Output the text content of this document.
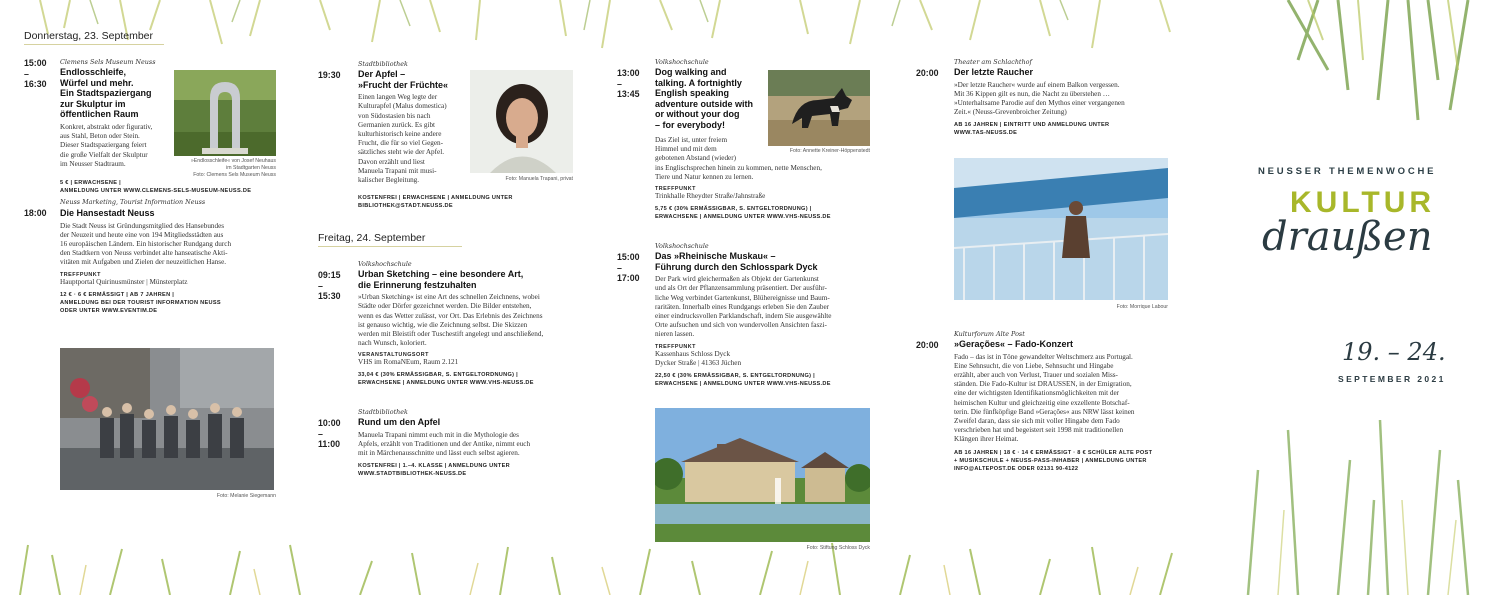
Donnerstag, 23. September
15:00
–
16:30
Clemens Sels Museum Neuss
Endlosschleife,
Würfel und mehr.
Ein Stadtspaziergang
zur Skulptur im
öffentlichen Raum
Konkret, abstrakt oder figurativ,
aus Stahl, Beton oder Stein.
Dieser Stadtspaziergang feiert
die große Vielfalt der Skulptur
im Neusser Stadtraum.
5 € | ERWACHSENE |
ANMELDUNG UNTER WWW.CLEMENS-SELS-MUSEUM-NEUSS.DE
»Endlosschleife« von Josef Neuhaus
im Stadtgarten Neuss
Foto: Clemens Sels Museum Neuss
Neuss Marketing, Tourist Information Neuss
18:00	Die Hansestadt Neuss
Die Stadt Neuss ist Gründungsmitglied des Hansebundes
der Neuzeit und heute eine von 194 Mitgliedsstädten aus
16 europäischen Ländern. Ein historischer Rundgang durch
den Stadtkern von Neuss verbindet alte hanseatische Akti-
vitäten mit Aufgaben und Zielen der neuzeitlichen Hanse.
TREFFPUNKT
Hauptportal Quirinusmünster | Münsterplatz
12 € · 6 € ERMÄSSIGT | AB 7 JAHREN |
ANMELDUNG BEI DER TOURIST INFORMATION NEUSS
ODER UNTER WWW.EVENTIM.DE
Foto: Melanie Siegemann
19:30
Stadtbibliothek
Der Apfel –
»Frucht der Früchte«
Einen langen Weg legte der
Kulturapfel (Malus domestica)
von Südostasien bis nach
Germanien zurück. Es gibt
kulturhistorisch keine andere
Frucht, die für so viel Gegen-
sätzliches steht wie der Apfel.
Davon erzählt und liest
Manuela Trapani mit musi-
kalischer Begleitung.
KOSTENFREI | ERWACHSENE | ANMELDUNG UNTER
BIBLIOTHEK@STADT.NEUSS.DE
Foto: Manuela Trapani, privat
Freitag, 24. September
09:15
–
15:30
Volkshochschule
Urban Sketching – eine besondere Art,
die Erinnerung festzuhalten
»Urban Sketching« ist eine Art des schnellen Zeichnens, wobei
Städte oder Dörfer gezeichnet werden. Die Bilder entstehen,
wenn es das Wetter zulässt, vor Ort. Das Erlebnis des Zeichnens
ist genauso wichtig, wie die Zeichnung selbst. Die Skizzen
werden mit Bleistift oder Tuschestift angelegt und anschließend,
nach Wunsch, koloriert.
VERANSTALTUNGSORT
VHS im RomaNEum, Raum 2.121
33,04 € (30% ERMÄSSIGBAR, S. ENTGELTORDNUNG) |
ERWACHSENE | ANMELDUNG UNTER WWW.VHS-NEUSS.DE
10:00
–
11:00
Stadtbibliothek
Rund um den Apfel
Manuela Trapani nimmt euch mit in die Mythologie des
Apfels, erzählt von Traditionen und der Antike, nimmt euch
mit in Märchenausschnitte und lässt euch selbst agieren.
KOSTENFREI | 1.–4. KLASSE | ANMELDUNG UNTER
WWW.STADTBIBLIOTHEK-NEUSS.DE
13:00
–
13:45
Volkshochschule
Dog walking and
talking. A fortnightly
English speaking
adventure outside with
or without your dog
– for everybody!
Das Ziel ist, unter freiem
Himmel und mit dem
gebotenen Abstand (wieder)
ins Englischsprechen hinein zu kommen, nette Menschen,
Tiere und Natur kennen zu lernen.
TREFFPUNKT
Trinkhalle Rheydter Straße/Jahnstraße
5,75 € (30% ERMÄSSIGBAR, S. ENTGELTORDNUNG) |
ERWACHSENE | ANMELDUNG UNTER WWW.VHS-NEUSS.DE
Foto: Annette Kreiner-Höppenstedt
15:00
–
17:00
Volkshochschule
Das »Rheinische Muskau« –
Führung durch den Schlosspark Dyck
Der Park wird gleichermaßen als Objekt der Gartenkunst
und als Ort der Pflanzensammlung präsentiert. Der ausführ-
liche Weg verbindet Gartenkunst, Blühereignisse und Baum-
raritäten. Innerhalb eines Rundgangs erleben Sie den Zauber
einer eindrucksvollen Parklandschaft, indem Sie ausgewählte
Orte aufsuchen und sich von wundervollen Ansichten faszi-
nieren lassen.
TREFFPUNKT
Kassenhaus Schloss Dyck
Dycker Straße | 41363 Jüchen
22,50 € (30% ERMÄSSIGBAR, S. ENTGELTORDNUNG) |
ERWACHSENE | ANMELDUNG UNTER WWW.VHS-NEUSS.DE
Foto: Stiftung Schloss Dyck
20:00
Theater am Schlachthof
Der letzte Raucher
»Der letzte Raucher« wurde auf einem Balkon vergessen.
Mit 36 Kippen gilt es nun, die Nacht zu überstehen …
»Unterhaltsame Parodie auf den Mythos einer vergangenen
Zeit.« (Neuss-Grevenbroicher Zeitung)
AB 16 JAHREN | EINTRITT UND ANMELDUNG UNTER
WWW.TAS-NEUSS.DE
Foto: Morrique Labour
20:00
Kulturforum Alte Post
»Gerações« – Fado-Konzert
Fado – das ist in Töne gewandelter Weltschmerz aus Portugal.
Eine Sehnsucht, die von Liebe, Sehnsucht und Hingabe
erzählt, aber auch von Verlust, Trauer und sozialen Miss-
ständen. Die Fado-Kultur ist DRAUSSEN, in der Emigration,
eine der wichtigsten Identifikationsmöglichkeiten mit der
heimischen Kultur und gleichzeitig eine exzellente Botschaf-
terin. Die fünfköpfige Band »Gerações« aus NRW lässt keinen
Zweifel daran, dass sie sich mit voller Hingabe dem Fado
verschrieben hat und begeistert seit 1998 mit traditionellen
Klängen ihrer Heimat.
AB 16 JAHREN | 18 € · 14 € ERMÄSSIGT · 8 € SCHÜLER ALTE POST
+ MUSIKSCHULE + NEUSS-PASS-INHABER | ANMELDUNG UNTER
INFO@ALTEPOST.DE ODER 02131 90-4122
NEUSSER THEMENWOCHE
KULTUR
draußen
19. – 24.
SEPTEMBER 2021
